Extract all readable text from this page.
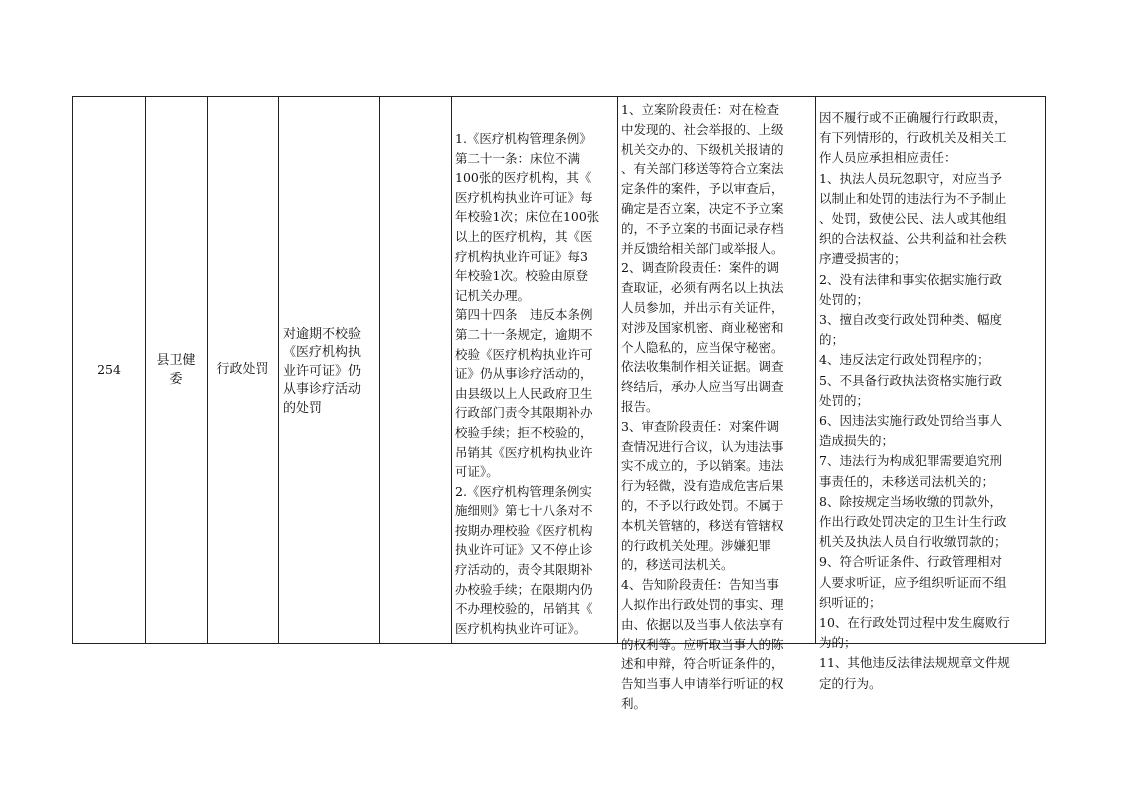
254
县卫健
委
行政处罚
对逾期不校验
《医疗机构执
业许可证》仍
从事诊疗活动
的处罚
1.《医疗机构管理条例》
第二十一条：床位不满
100张的医疗机构，其《
医疗机构执业许可证》每
年校验1次；床位在100张
以上的医疗机构，其《医
疗机构执业许可证》每3
年校验1次。校验由原登
记机关办理。
第四十四条　违反本条例
第二十一条规定，逾期不
校验《医疗机构执业许可
证》仍从事诊疗活动的，
由县级以上人民政府卫生
行政部门责令其限期补办
校验手续；拒不校验的，
吊销其《医疗机构执业许
可证》。
2.《医疗机构管理条例实
施细则》第七十八条对不
按期办理校验《医疗机构
执业许可证》又不停止诊
疗活动的，责令其限期补
办校验手续；在限期内仍
不办理校验的，吊销其《
医疗机构执业许可证》。
1、立案阶段责任：对在检查
中发现的、社会举报的、上级
机关交办的、下级机关报请的
、有关部门移送等符合立案法
定条件的案件，予以审查后，
确定是否立案，决定不予立案
的，不予立案的书面记录存档
并反馈给相关部门或举报人。
2、调查阶段责任：案件的调
查取证，必须有两名以上执法
人员参加，并出示有关证件，
对涉及国家机密、商业秘密和
个人隐私的，应当保守秘密。
依法收集制作相关证据。调查
终结后，承办人应当写出调查
报告。
3、审查阶段责任：对案件调
查情况进行合议，认为违法事
实不成立的，予以销案。违法
行为轻微，没有造成危害后果
的，不予以行政处罚。不属于
本机关管辖的，移送有管辖权
的行政机关处理。涉嫌犯罪
的，移送司法机关。
4、告知阶段责任：告知当事
人拟作出行政处罚的事实、理
由、依据以及当事人依法享有
的权利等。应听取当事人的陈
述和申辩，符合听证条件的，
告知当事人申请举行听证的权
利。
因不履行或不正确履行行政职责，
有下列情形的，行政机关及相关工
作人员应承担相应责任：
1、执法人员玩忽职守，对应当予
以制止和处罚的违法行为不予制止
、处罚，致使公民、法人或其他组
织的合法权益、公共利益和社会秩
序遭受损害的；
2、没有法律和事实依据实施行政
处罚的；
3、擅自改变行政处罚种类、幅度
的；
4、违反法定行政处罚程序的；
5、不具备行政执法资格实施行政
处罚的；
6、因违法实施行政处罚给当事人
造成损失的；
7、违法行为构成犯罪需要追究刑
事责任的，未移送司法机关的；
8、除按规定当场收缴的罚款外，
作出行政处罚决定的卫生计生行政
机关及执法人员自行收缴罚款的；
9、符合听证条件、行政管理相对
人要求听证，应予组织听证而不组
织听证的；
10、在行政处罚过程中发生腐败行
为的；
11、其他违反法律法规规章文件规
定的行为。
